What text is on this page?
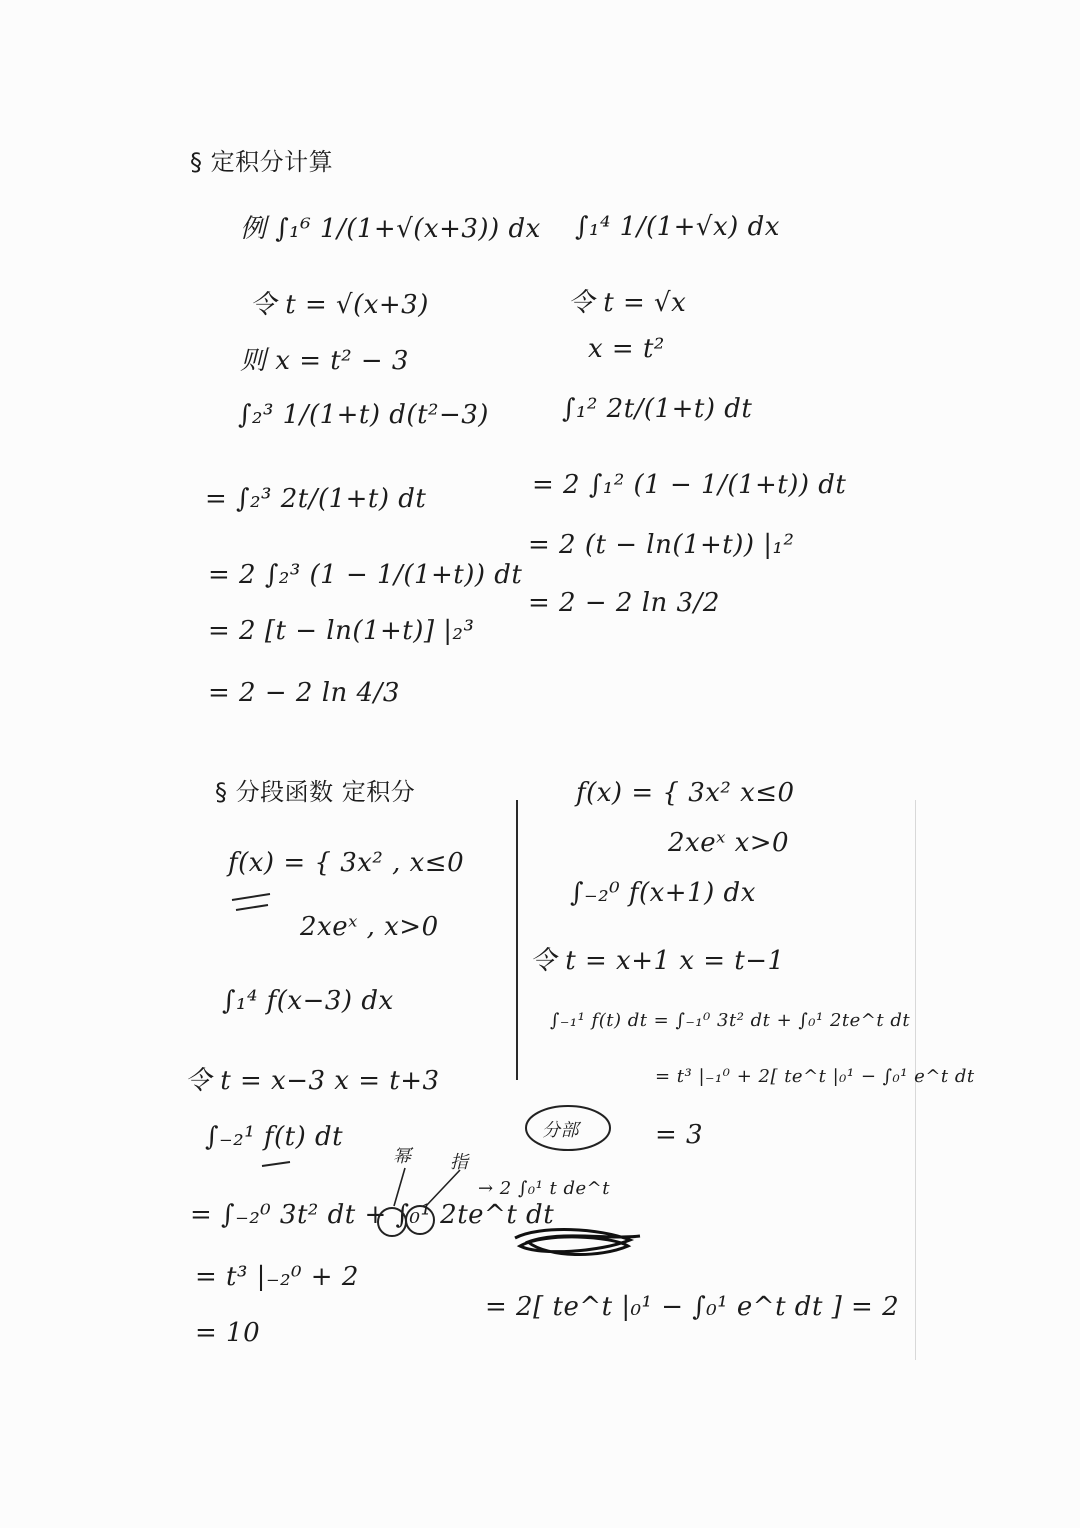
§ 定积分计算
例 ∫₁⁶ 1/(1+√(x+3)) dx
令 t = √(x+3)
则 x = t² − 3
∫₂³ 1/(1+t) d(t²−3)
= ∫₂³ 2t/(1+t) dt
= 2 ∫₂³ (1 − 1/(1+t)) dt
= 2 [t − ln(1+t)] |₂³
= 2 − 2 ln 4/3
∫₁⁴ 1/(1+√x) dx
令 t = √x
x = t²
∫₁² 2t/(1+t) dt
= 2 ∫₁² (1 − 1/(1+t)) dt
= 2 (t − ln(1+t)) |₁²
= 2 − 2 ln 3/2
§ 分段函数 定积分
f(x) = { 3x² , x≤0
2xeˣ , x>0
∫₁⁴ f(x−3) dx
令 t = x−3 x = t+3
∫₋₂¹ f(t) dt
幂 指
= ∫₋₂⁰ 3t² dt + ∫₀¹ 2te^t dt
= t³ |₋₂⁰ + 2
= 10
f(x) = { 3x² x≤0
2xeˣ x>0
∫₋₂⁰ f(x+1) dx
令 t = x+1 x = t−1
∫₋₁¹ f(t) dt = ∫₋₁⁰ 3t² dt + ∫₀¹ 2te^t dt
= t³ |₋₁⁰ + 2[ te^t |₀¹ − ∫₀¹ e^t dt
分部	= 3
→ 2 ∫₀¹ t de^t
= 2[ te^t |₀¹ − ∫₀¹ e^t dt ] = 2
